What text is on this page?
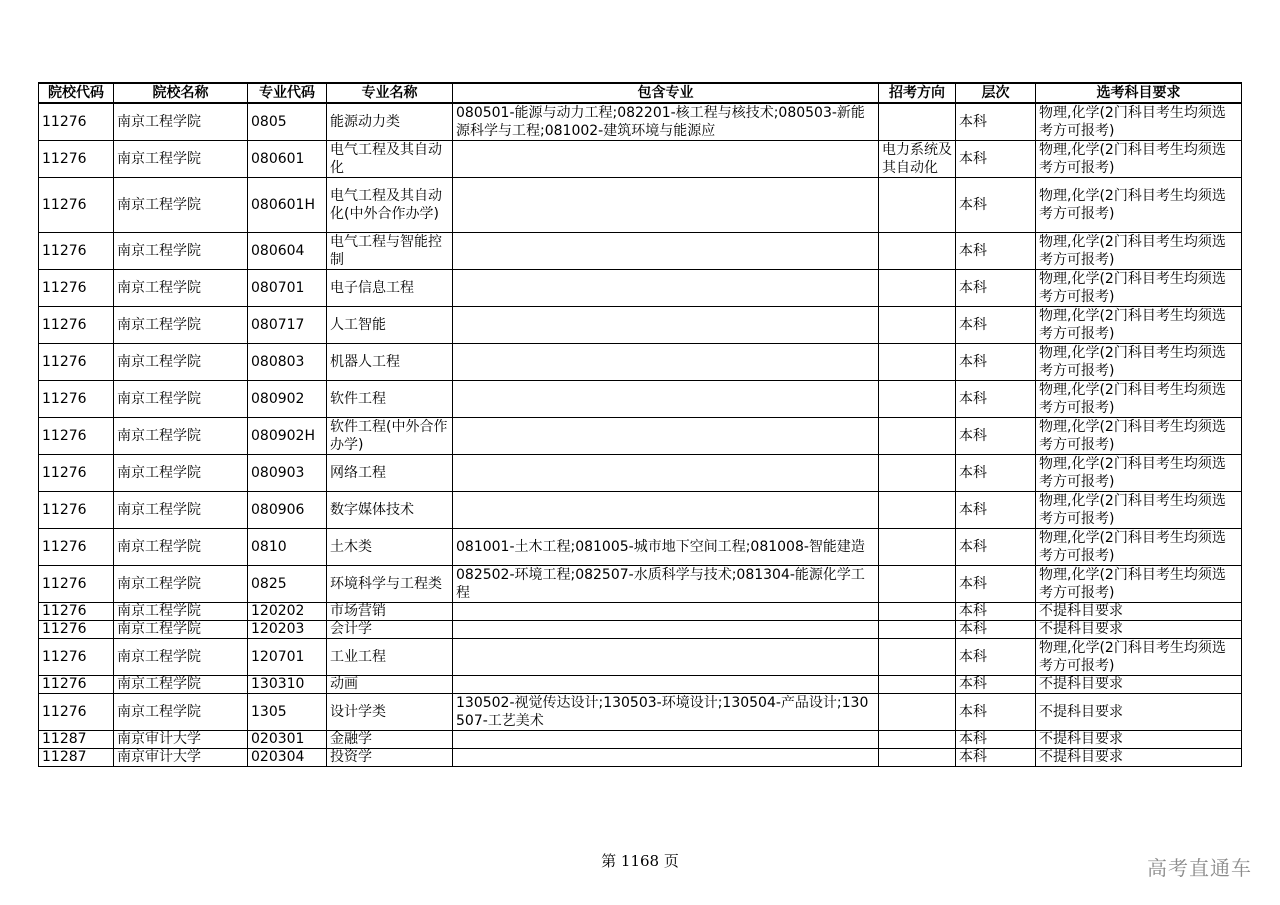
院校代码	院校名称	专业代码	专业名称	包含专业	招考方向	层次	选考科目要求
11276	南京工程学院	0805	能源动力类	080501-能源与动力工程;082201-核工程与核技术;080503-新能源科学与工程;081002-建筑环境与能源应		本科	物理,化学(2门科目考生均须选考方可报考)
11276	南京工程学院	080601	电气工程及其自动化		电力系统及其自动化	本科	物理,化学(2门科目考生均须选考方可报考)
11276	南京工程学院	080601H	电气工程及其自动化(中外合作办学)			本科	物理,化学(2门科目考生均须选考方可报考)
11276	南京工程学院	080604	电气工程与智能控制			本科	物理,化学(2门科目考生均须选考方可报考)
11276	南京工程学院	080701	电子信息工程			本科	物理,化学(2门科目考生均须选考方可报考)
11276	南京工程学院	080717	人工智能			本科	物理,化学(2门科目考生均须选考方可报考)
11276	南京工程学院	080803	机器人工程			本科	物理,化学(2门科目考生均须选考方可报考)
11276	南京工程学院	080902	软件工程			本科	物理,化学(2门科目考生均须选考方可报考)
11276	南京工程学院	080902H	软件工程(中外合作办学)			本科	物理,化学(2门科目考生均须选考方可报考)
11276	南京工程学院	080903	网络工程			本科	物理,化学(2门科目考生均须选考方可报考)
11276	南京工程学院	080906	数字媒体技术			本科	物理,化学(2门科目考生均须选考方可报考)
11276	南京工程学院	0810	土木类	081001-土木工程;081005-城市地下空间工程;081008-智能建造		本科	物理,化学(2门科目考生均须选考方可报考)
11276	南京工程学院	0825	环境科学与工程类	082502-环境工程;082507-水质科学与技术;081304-能源化学工程		本科	物理,化学(2门科目考生均须选考方可报考)
11276	南京工程学院	120202	市场营销			本科	不提科目要求
11276	南京工程学院	120203	会计学			本科	不提科目要求
11276	南京工程学院	120701	工业工程			本科	物理,化学(2门科目考生均须选考方可报考)
11276	南京工程学院	130310	动画			本科	不提科目要求
11276	南京工程学院	1305	设计学类	130502-视觉传达设计;130503-环境设计;130504-产品设计;130507-工艺美术		本科	不提科目要求
11287	南京审计大学	020301	金融学			本科	不提科目要求
11287	南京审计大学	020304	投资学			本科	不提科目要求
第 1168 页	高考直通车
